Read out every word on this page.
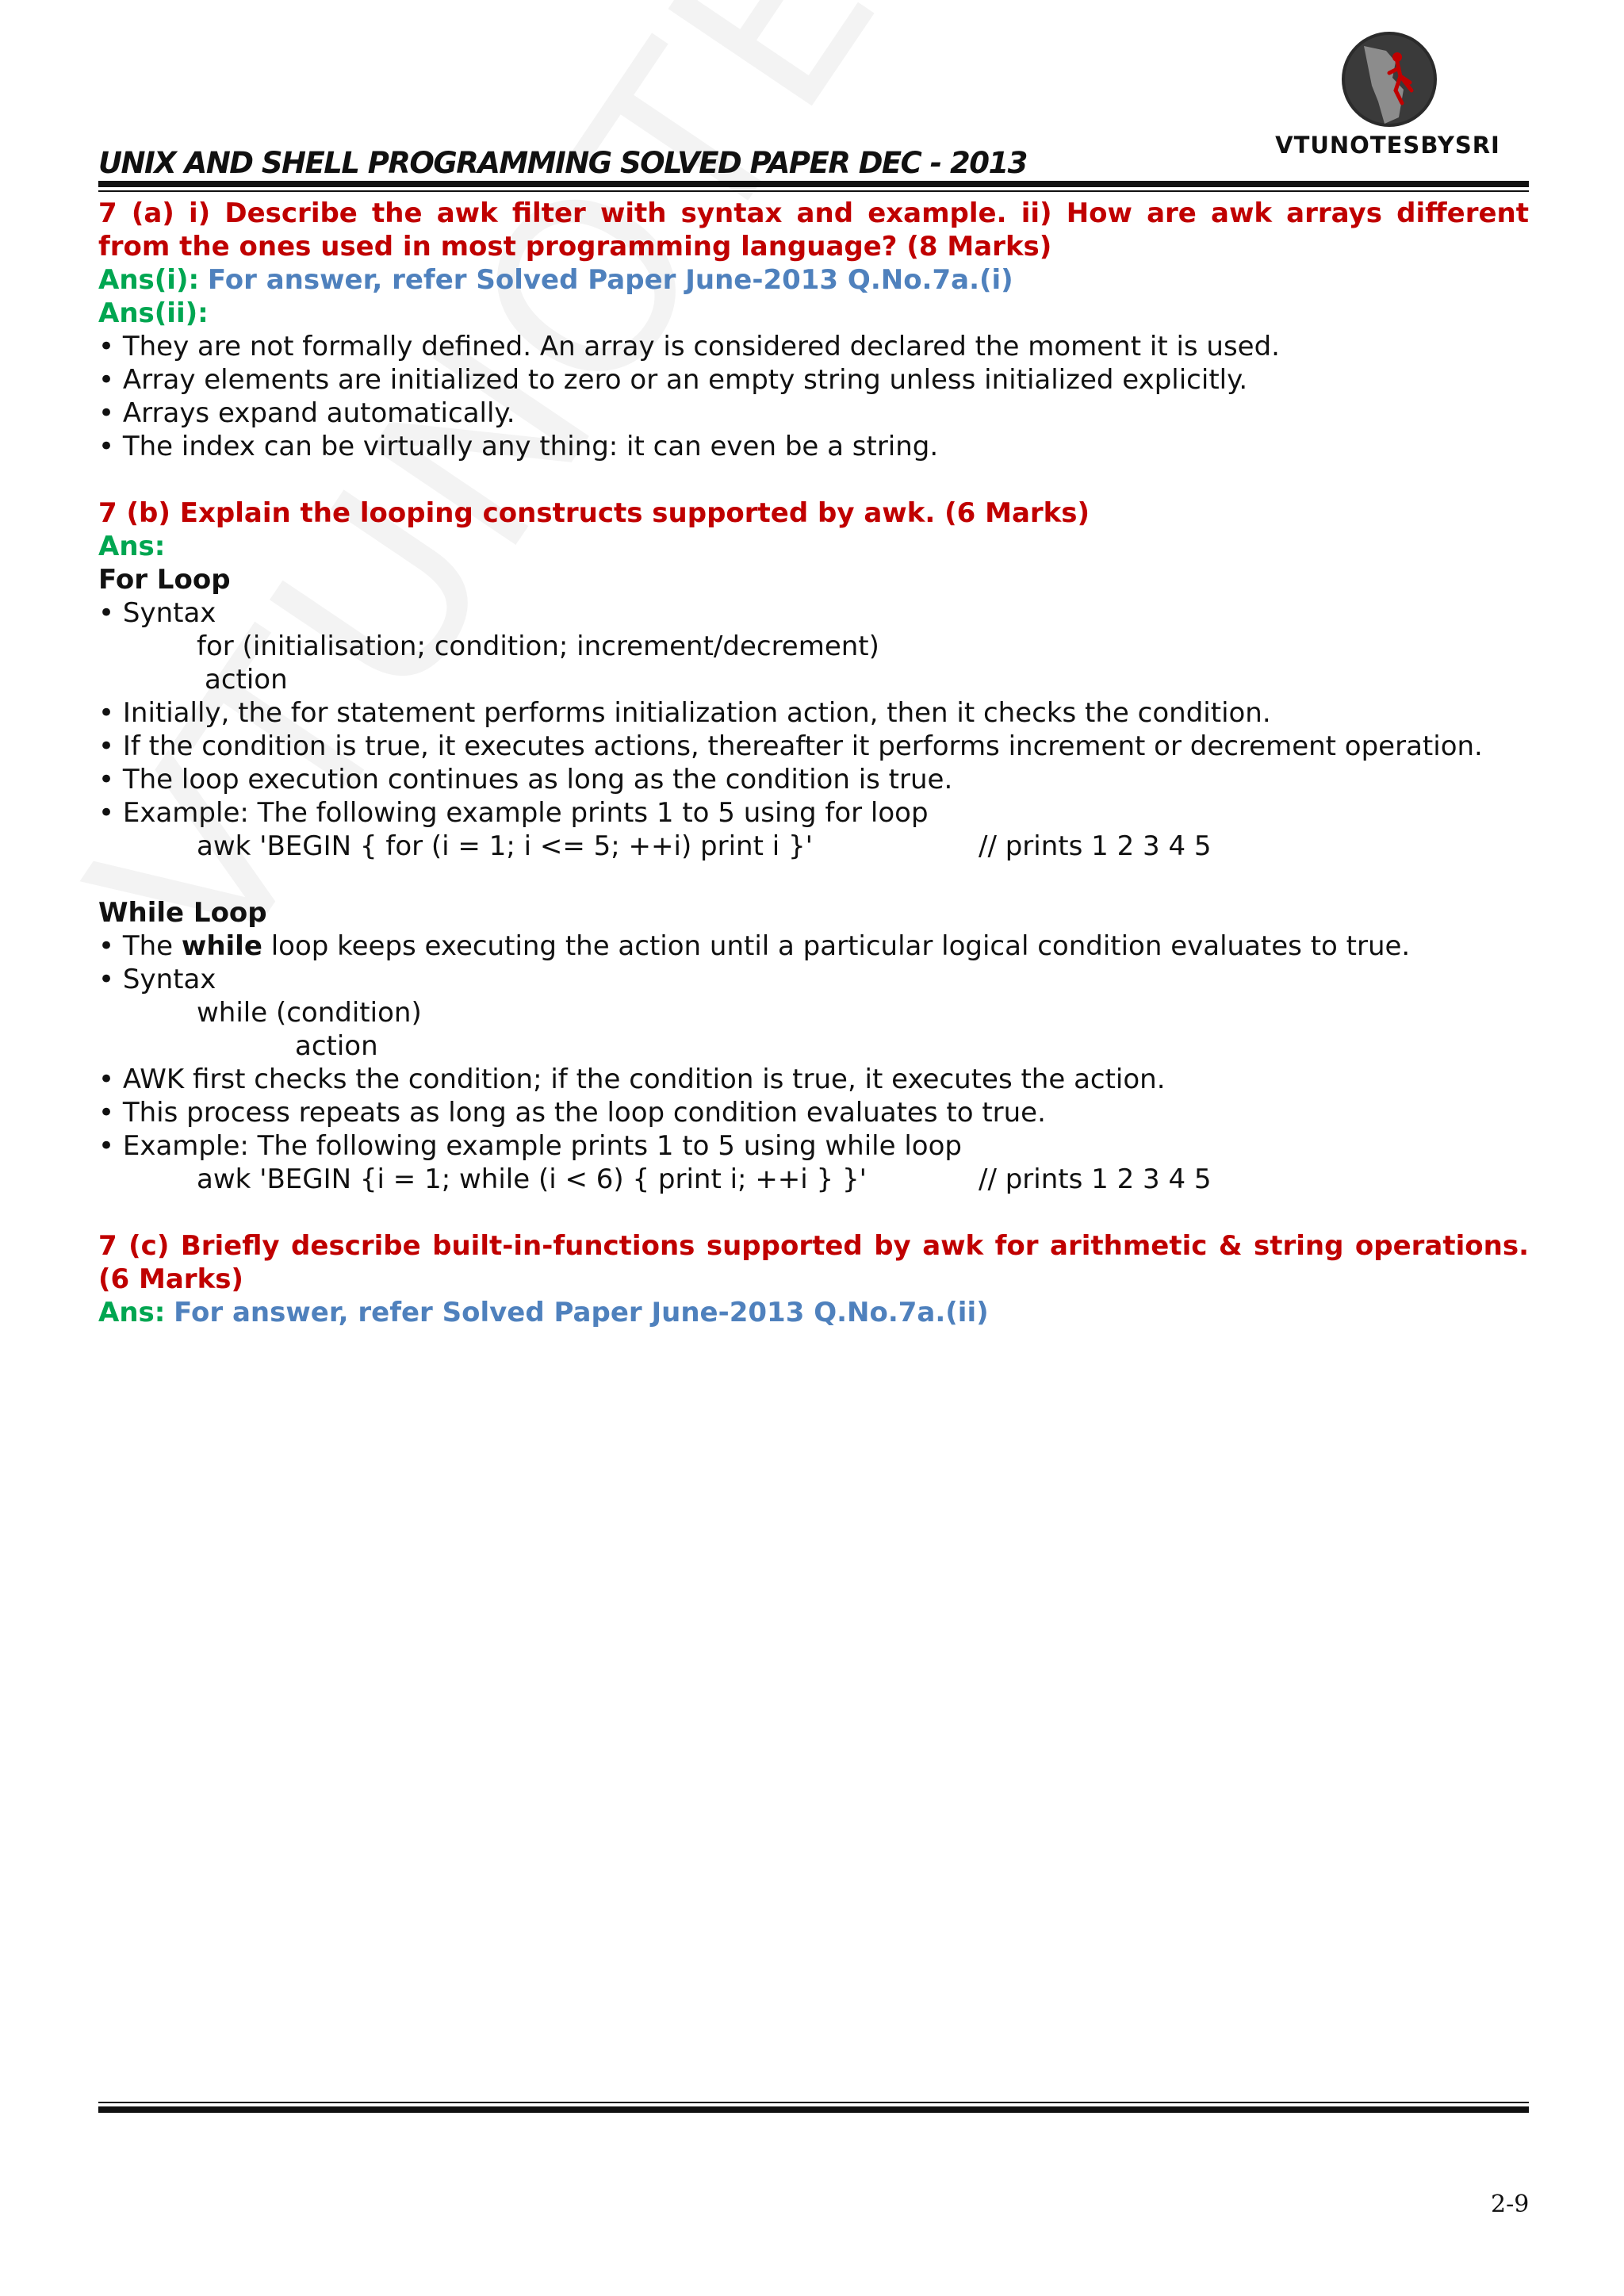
VTUNOTESBYSRI
UNIX AND SHELL PROGRAMMING SOLVED PAPER DEC - 2013

7 (a) i) Describe the awk filter with syntax and example. ii) How are awk arrays different from the ones used in most programming language? (8 Marks)

Ans(i): For answer, refer Solved Paper June-2013 Q.No.7a.(i)

Ans(ii):

• They are not formally defined. An array is considered declared the moment it is used.

• Array elements are initialized to zero or an empty string unless initialized explicitly.

• Arrays expand automatically.

• The index can be virtually any thing: it can even be a string.

7 (b) Explain the looping constructs supported by awk. (6 Marks)

Ans:

For Loop

• Syntax

for (initialisation; condition; increment/decrement)

action

• Initially, the for statement performs initialization action, then it checks the condition.

• If the condition is true, it executes actions, thereafter it performs increment or decrement operation.

• The loop execution continues as long as the condition is true.

• Example: The following example prints 1 to 5 using for loop

awk 'BEGIN { for (i = 1; i <= 5; ++i) print i }'	// prints 1 2 3 4 5

While Loop

• The while loop keeps executing the action until a particular logical condition evaluates to true.

• Syntax

while (condition)

action

• AWK first checks the condition; if the condition is true, it executes the action.

• This process repeats as long as the loop condition evaluates to true.

• Example: The following example prints 1 to 5 using while loop

awk 'BEGIN {i = 1; while (i < 6) { print i; ++i } }'	// prints 1 2 3 4 5

7 (c) Briefly describe built-in-functions supported by awk for arithmetic & string operations. (6 Marks)

Ans: For answer, refer Solved Paper June-2013 Q.No.7a.(ii)

2-9
